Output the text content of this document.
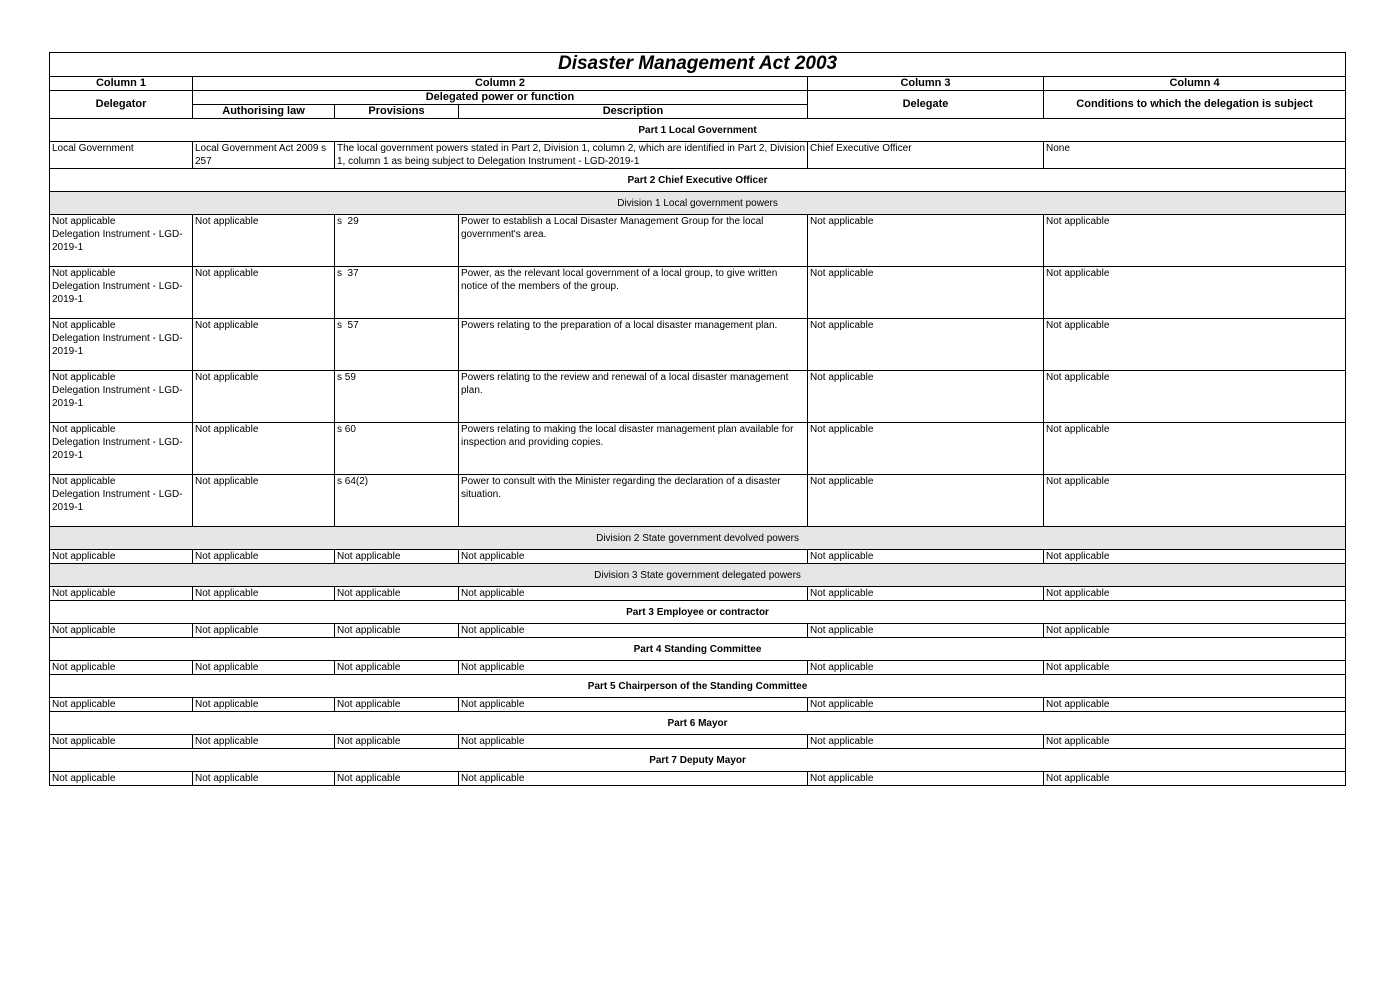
Disaster Management Act 2003					
Column 1	Column 2			Column 3	Column 4
Delegator	Delegated power or function			Delegate	Conditions to which the delegation is subject
	Authorising law	Provisions	Description		
Part 1 Local Government					
Local Government	Local Government Act 2009 s 257	The local government powers stated in Part 2, Division 1, column 2, which are identified in Part 2, Division 1, column 1 as being subject to Delegation Instrument - LGD-2019-1		Chief Executive Officer	None
Part 2 Chief Executive Officer					
Division 1 Local government powers					
Not applicable
Delegation Instrument - LGD-2019-1	Not applicable	s  29	Power to establish a Local Disaster Management Group for the local government's area.	Not applicable	Not applicable
Not applicable
Delegation Instrument - LGD-2019-1	Not applicable	s  37	Power, as the relevant local government of a local group, to give written notice of the members of the group.	Not applicable	Not applicable
Not applicable
Delegation Instrument - LGD-2019-1	Not applicable	s  57	Powers relating to the preparation of a local disaster management plan.	Not applicable	Not applicable
Not applicable
Delegation Instrument - LGD-2019-1	Not applicable	s 59	Powers relating to the review and renewal of a local disaster management plan.	Not applicable	Not applicable
Not applicable
Delegation Instrument - LGD-2019-1	Not applicable	s 60	Powers relating to making the local disaster management plan available for inspection and providing copies.	Not applicable	Not applicable
Not applicable
Delegation Instrument - LGD-2019-1	Not applicable	s 64(2)	Power to consult with the Minister regarding the declaration of a disaster situation.	Not applicable	Not applicable
Division 2 State government devolved powers					
Not applicable	Not applicable	Not applicable	Not applicable	Not applicable	Not applicable
Division 3 State government delegated powers					
Not applicable	Not applicable	Not applicable	Not applicable	Not applicable	Not applicable
Part 3 Employee or contractor					
Not applicable	Not applicable	Not applicable	Not applicable	Not applicable	Not applicable
Part 4 Standing Committee					
Not applicable	Not applicable	Not applicable	Not applicable	Not applicable	Not applicable
Part 5 Chairperson of the Standing Committee					
Not applicable	Not applicable	Not applicable	Not applicable	Not applicable	Not applicable
Part 6 Mayor					
Not applicable	Not applicable	Not applicable	Not applicable	Not applicable	Not applicable
Part 7 Deputy Mayor					
Not applicable	Not applicable	Not applicable	Not applicable	Not applicable	Not applicable
